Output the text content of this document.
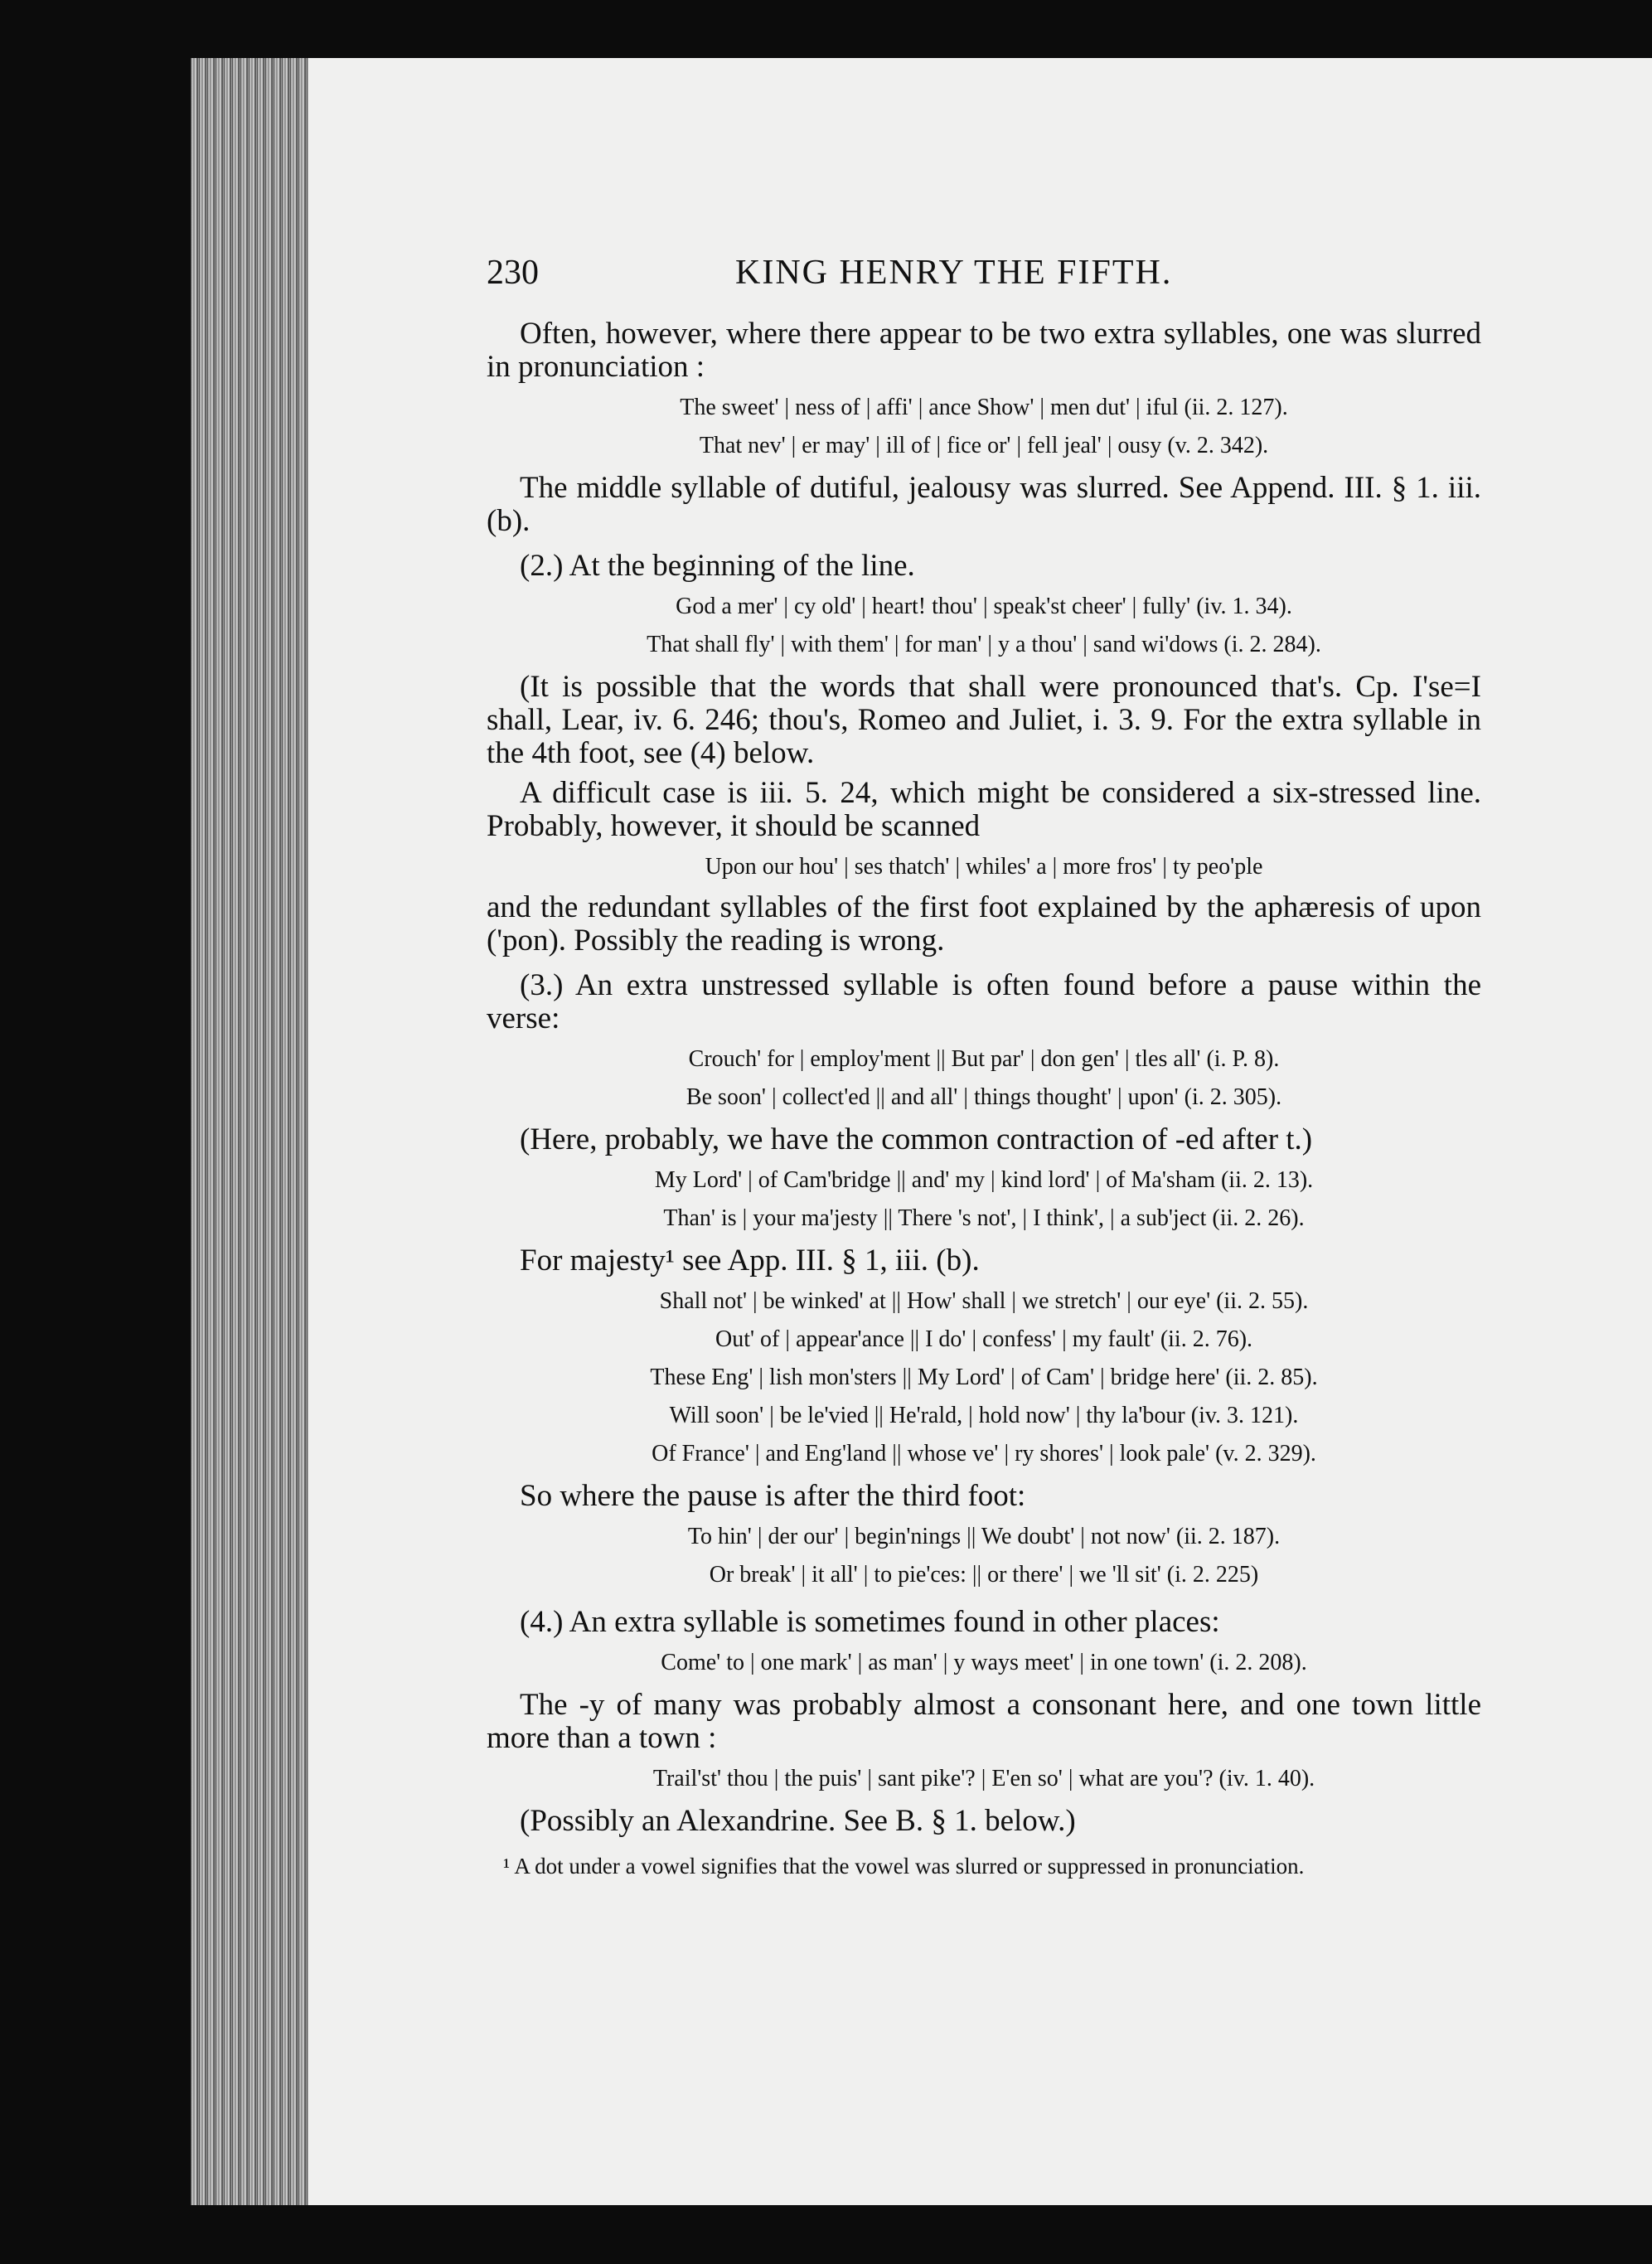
230	KING HENRY THE FIFTH.

Often, however, where there appear to be two extra syllables, one was slurred in pronunciation :

The sweet' | ness of | affi' | ance Show' | men dut' | iful (ii. 2. 127).
That nev' | er may' | ill of | fice or' | fell jeal' | ousy (v. 2. 342).

The middle syllable of dutiful, jealousy was slurred. See Append. III. § 1. iii. (b).

(2.) At the beginning of the line.

God a mer' | cy old' | heart! thou' | speak'st cheer' | fully' (iv. 1. 34).
That shall fly' | with them' | for man' | y a thou' | sand wi'dows (i. 2. 284).

(It is possible that the words that shall were pronounced that's. Cp. I'se=I shall, Lear, iv. 6. 246; thou's, Romeo and Juliet, i. 3. 9. For the extra syllable in the 4th foot, see (4) below.

A difficult case is iii. 5. 24, which might be considered a six-stressed line. Probably, however, it should be scanned

Upon our hou' | ses thatch' | whiles' a | more fros' | ty peo'ple

and the redundant syllables of the first foot explained by the aphæresis of upon ('pon). Possibly the reading is wrong.

(3.) An extra unstressed syllable is often found before a pause within the verse:

Crouch' for | employ'ment || But par' | don gen' | tles all' (i. P. 8).
Be soon' | collect'ed || and all' | things thought' | upon' (i. 2. 305).

(Here, probably, we have the common contraction of -ed after t.)

My Lord' | of Cam'bridge || and' my | kind lord' | of Ma'sham (ii. 2. 13).
Than' is | your ma'jesty || There 's not', | I think', | a sub'ject (ii. 2. 26).

For majesty¹ see App. III. § 1, iii. (b).

Shall not' | be winked' at || How' shall | we stretch' | our eye' (ii. 2. 55).
Out' of | appear'ance || I do' | confess' | my fault' (ii. 2. 76).
These Eng' | lish mon'sters || My Lord' | of Cam' | bridge here' (ii. 2. 85).
Will soon' | be le'vied || He'rald, | hold now' | thy la'bour (iv. 3. 121).
Of France' | and Eng'land || whose ve' | ry shores' | look pale' (v. 2. 329).

So where the pause is after the third foot:

To hin' | der our' | begin'nings || We doubt' | not now' (ii. 2. 187).
Or break' | it all' | to pie'ces: || or there' | we 'll sit' (i. 2. 225)

(4.) An extra syllable is sometimes found in other places:

Come' to | one mark' | as man' | y ways meet' | in one town' (i. 2. 208).

The -y of many was probably almost a consonant here, and one town little more than a town :

Trail'st' thou | the puis' | sant pike'? | E'en so' | what are you'? (iv. 1. 40).

(Possibly an Alexandrine. See B. § 1. below.)

¹ A dot under a vowel signifies that the vowel was slurred or suppressed in pronunciation.
